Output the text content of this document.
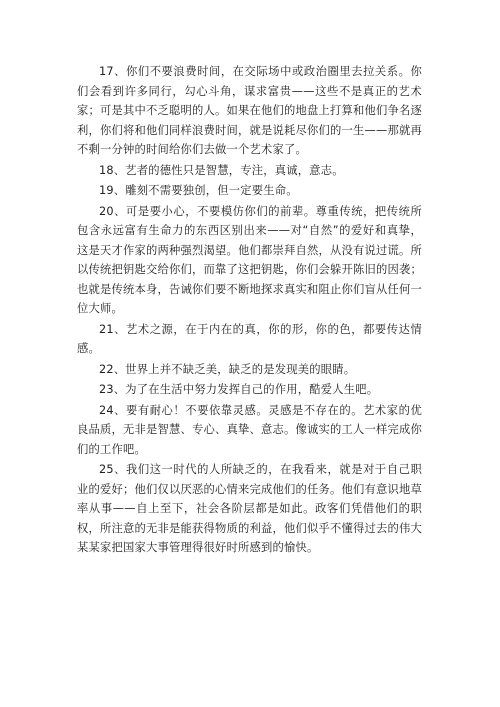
17、你们不要浪费时间，在交际场中或政治圈里去拉关系。你们会看到许多同行，勾心斗角，谋求富贵——这些不是真正的艺术家；可是其中不乏聪明的人。如果在他们的地盘上打算和他们争名逐利，你们将和他们同样浪费时间，就是说耗尽你们的一生——那就再不剩一分钟的时间给你们去做一个艺术家了。

18、艺者的德性只是智慧，专注，真诚，意志。

19、雕刻不需要独创，但一定要生命。

20、可是要小心，不要模仿你们的前辈。尊重传统，把传统所包含永远富有生命力的东西区别出来——对“自然”的爱好和真挚，这是天才作家的两种强烈渴望。他们都崇拜自然，从没有说过谎。所以传统把钥匙交给你们，而靠了这把钥匙，你们会躲开陈旧的因袭；也就是传统本身，告诫你们要不断地探求真实和阻止你们盲从任何一位大师。

21、艺术之源，在于内在的真，你的形，你的色，都要传达情感。

22、世界上并不缺乏美，缺乏的是发现美的眼睛。

23、为了在生活中努力发挥自己的作用，酷爱人生吧。

24、要有耐心！不要依靠灵感。灵感是不存在的。艺术家的优良品质，无非是智慧、专心、真挚、意志。像诚实的工人一样完成你们的工作吧。

25、我们这一时代的人所缺乏的，在我看来，就是对于自己职业的爱好；他们仅以厌恶的心情来完成他们的任务。他们有意识地草率从事——自上至下，社会各阶层都是如此。政客们凭借他们的职权，所注意的无非是能获得物质的利益，他们似乎不懂得过去的伟大某某家把国家大事管理得很好时所感到的愉快。
